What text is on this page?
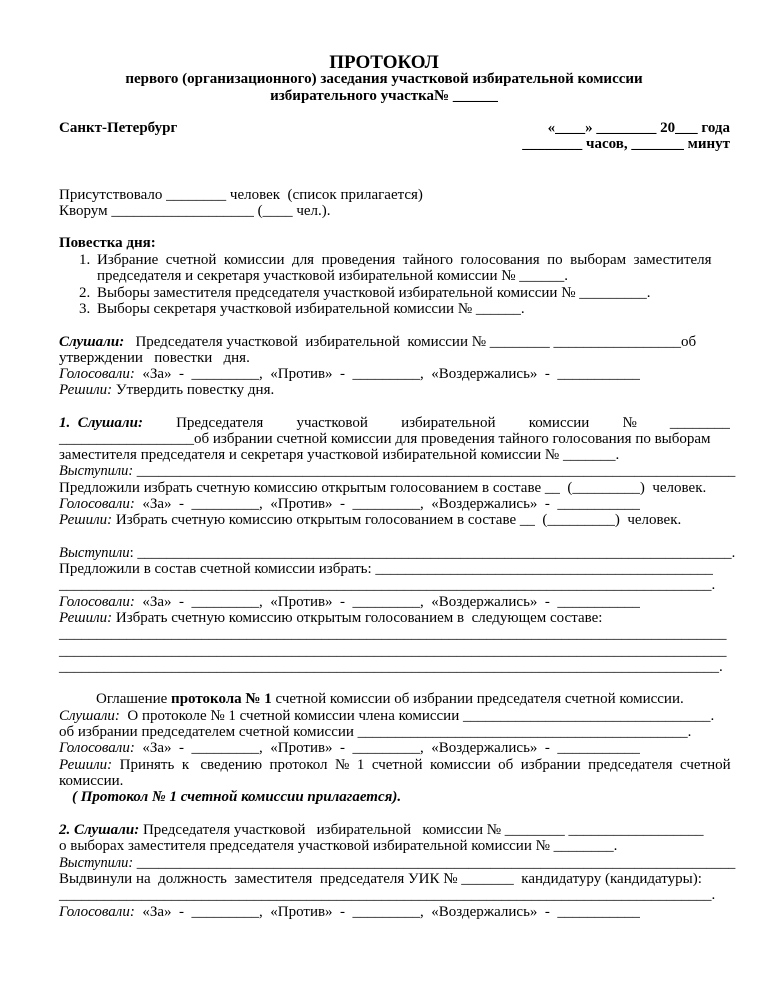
ПРОТОКОЛ
первого (организационного) заседания участковой избирательной комиссии
избирательного участка№ ______
Санкт-Петербург	«____» ________ 20___ года
________ часов, _______ минут
Присутствовало ________ человек  (список прилагается)
Кворум ___________________ (____ чел.).
Повестка дня:
1. Избрание  счетной  комиссии  для  проведения  тайного  голосования  по  выборам  заместителя
председателя и секретаря участковой избирательной комиссии № ______.
2. Выборы заместителя председателя участковой избирательной комиссии № _________.
3. Выборы секретаря участковой избирательной комиссии № ______.
Слушали:   Председателя участковой  избирательной  комиссии № ________ _________________об
утверждении   повестки   дня.
Голосовали:  «За»  -  _________,  «Против»  -  _________,  «Воздержались»  -  ___________
Решили: Утвердить повестку дня.
1.  Слушали: Председателя участковой избирательной комиссии № ________
__________________об избрании счетной комиссии для проведения тайного голосования по выборам
заместителя председателя и секретаря участковой избирательной комиссии № _______.
Выступили: ___________________________________________________________________________________
Предложили избрать счетную комиссию открытым голосованием в составе __  (_________)  человек.
Голосовали:  «За»  -  _________,  «Против»  -  _________,  «Воздержались»  -  ___________
Решили: Избрать счетную комиссию открытым голосованием в составе __  (_________)  человек.
Выступили: _________________________________________________________________________________.
Предложили в состав счетной комиссии избрать: _____________________________________________
_______________________________________________________________________________________.
Голосовали:  «За»  -  _________,  «Против»  -  _________,  «Воздержались»  -  ___________
Решили: Избрать счетную комиссию открытым голосованием в  следующем составе:
_________________________________________________________________________________________
_________________________________________________________________________________________
________________________________________________________________________________________.
Оглашение протокола № 1 счетной комиссии об избрании председателя счетной комиссии.
Слушали:  О протоколе № 1 счетной комиссии члена комиссии _________________________________.
об избрании председателем счетной комиссии ____________________________________________.
Голосовали:  «За»  -  _________,  «Против»  -  _________,  «Воздержались»  -  ___________
Решили:  Принять  к   сведению  протокол  №  1  счетной  комиссии  об  избрании  председателя  счетной
комиссии.
( Протокол № 1 счетной комиссии прилагается).
2. Слушали: Председателя участковой   избирательной   комиссии № ________ __________________
о выборах заместителя председателя участковой избирательной комиссии № ________.
Выступили: ___________________________________________________________________________________
Выдвинули на  должность  заместителя  председателя УИК № _______  кандидатуру (кандидатуры):
_______________________________________________________________________________________.
Голосовали:  «За»  -  _________,  «Против»  -  _________,  «Воздержались»  -  ___________
